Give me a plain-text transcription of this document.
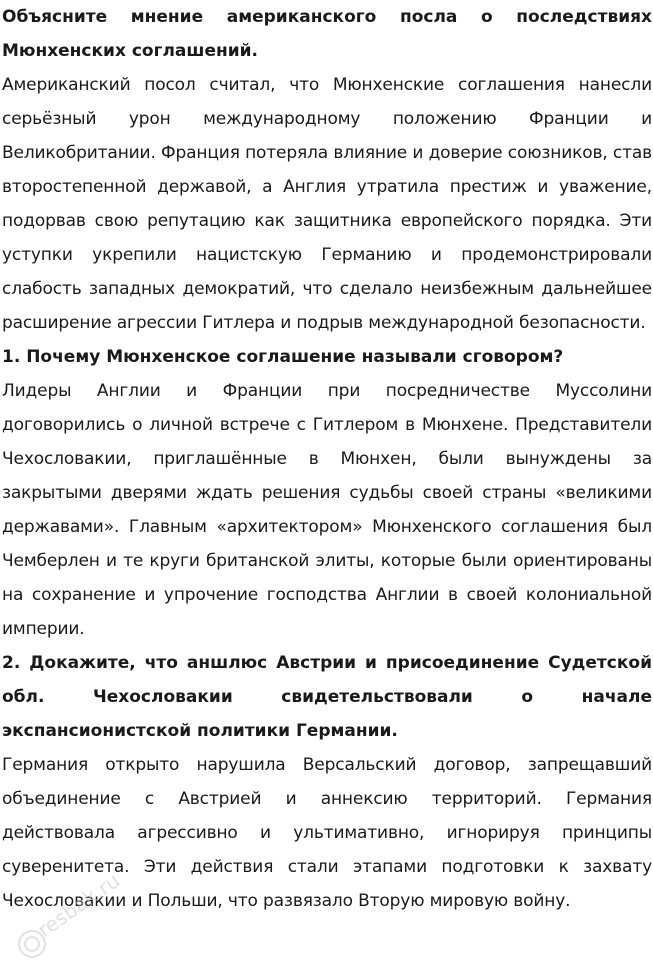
Объясните мнение американского посла о последствиях Мюнхенских соглашений.

Американский посол считал, что Мюнхенские соглашения нанесли серьёзный урон международному положению Франции и Великобритании. Франция потеряла влияние и доверие союзников, став второстепенной державой, а Англия утратила престиж и уважение, подорвав свою репутацию как защитника европейского порядка. Эти уступки укрепили нацистскую Германию и продемонстрировали слабость западных демократий, что сделало неизбежным дальнейшее расширение агрессии Гитлера и подрыв международной безопасности.

1. Почему Мюнхенское соглашение называли сговором?

Лидеры Англии и Франции при посредничестве Муссолини договорились о личной встрече с Гитлером в Мюнхене. Представители Чехословакии, приглашённые в Мюнхен, были вынуждены за закрытыми дверями ждать решения судьбы своей страны «великими державами». Главным «архитектором» Мюнхенского соглашения был Чемберлен и те круги британской элиты, которые были ориентированы на сохранение и упрочение господства Англии в своей колониальной империи.

2. Докажите, что аншлюс Австрии и присоединение Судетской обл. Чехословакии свидетельствовали о начале экспансионистской политики Германии.

Германия открыто нарушила Версальский договор, запрещавший объединение с Австрией и аннексию территорий. Германия действовала агрессивно и ультимативно, игнорируя принципы суверенитета. Эти действия стали этапами подготовки к захвату Чехословакии и Польши, что развязало Вторую мировую войну.

resbak.ru
